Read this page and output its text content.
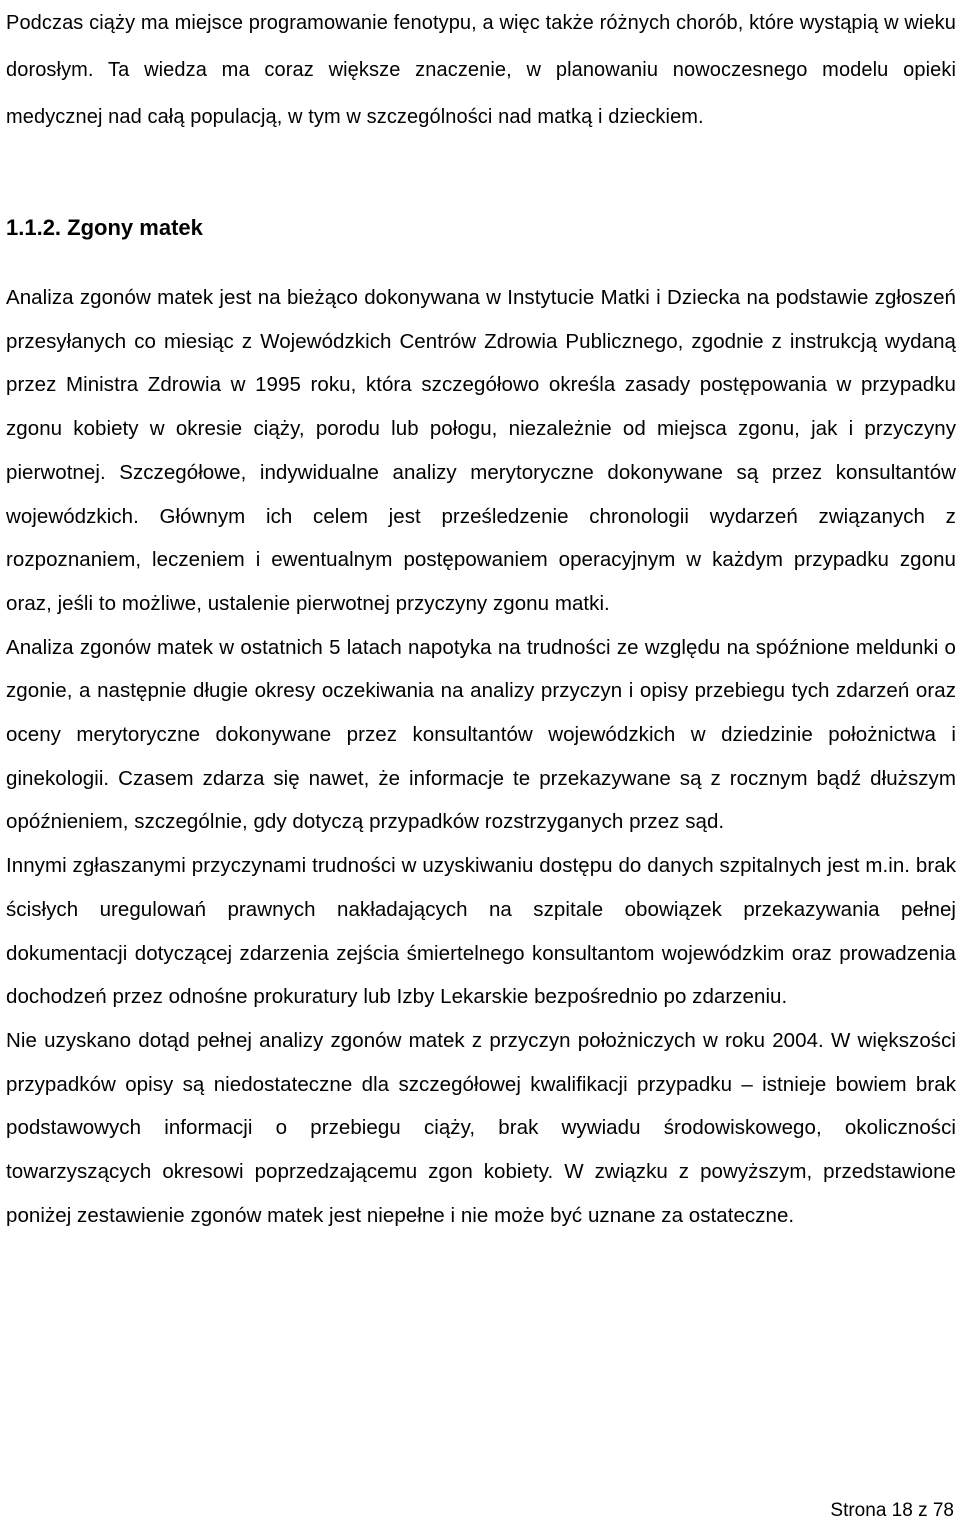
Podczas ciąży ma miejsce programowanie fenotypu, a więc także różnych chorób, które wystąpią w wieku dorosłym. Ta wiedza ma coraz większe znaczenie, w planowaniu nowoczesnego modelu opieki medycznej nad całą populacją, w tym w szczególności nad matką i dzieckiem.

1.1.2. Zgony matek

Analiza zgonów matek jest na bieżąco dokonywana w Instytucie Matki i Dziecka na podstawie zgłoszeń przesyłanych co miesiąc z Wojewódzkich Centrów Zdrowia Publicznego, zgodnie z instrukcją wydaną przez Ministra Zdrowia w 1995 roku, która szczegółowo określa zasady postępowania w przypadku zgonu kobiety w okresie ciąży, porodu lub połogu, niezależnie od miejsca zgonu, jak i przyczyny pierwotnej. Szczegółowe, indywidualne analizy merytoryczne dokonywane są przez konsultantów wojewódzkich. Głównym ich celem jest prześledzenie chronologii wydarzeń związanych z rozpoznaniem, leczeniem i ewentualnym postępowaniem operacyjnym w każdym przypadku zgonu oraz, jeśli to możliwe, ustalenie pierwotnej przyczyny zgonu matki.

Analiza zgonów matek w ostatnich 5 latach napotyka na trudności ze względu na spóźnione meldunki o zgonie, a następnie długie okresy oczekiwania na analizy przyczyn i opisy przebiegu tych zdarzeń oraz oceny merytoryczne dokonywane przez konsultantów wojewódzkich w dziedzinie położnictwa i ginekologii. Czasem zdarza się nawet, że informacje te przekazywane są z rocznym bądź dłuższym opóźnieniem, szczególnie, gdy dotyczą przypadków rozstrzyganych przez sąd.

Innymi zgłaszanymi przyczynami trudności w uzyskiwaniu dostępu do danych szpitalnych jest m.in. brak ścisłych uregulowań prawnych nakładających na szpitale obowiązek przekazywania pełnej dokumentacji dotyczącej zdarzenia zejścia śmiertelnego konsultantom wojewódzkim oraz prowadzenia dochodzeń przez odnośne prokuratury lub Izby Lekarskie bezpośrednio po zdarzeniu.

Nie uzyskano dotąd pełnej analizy zgonów matek z przyczyn położniczych w roku 2004. W większości przypadków opisy są niedostateczne dla szczegółowej kwalifikacji przypadku – istnieje bowiem brak podstawowych informacji o przebiegu ciąży, brak wywiadu środowiskowego, okoliczności towarzyszących okresowi poprzedzającemu zgon kobiety. W związku z powyższym, przedstawione poniżej zestawienie zgonów matek jest niepełne i nie może być uznane za ostateczne.

Strona 18 z 78
